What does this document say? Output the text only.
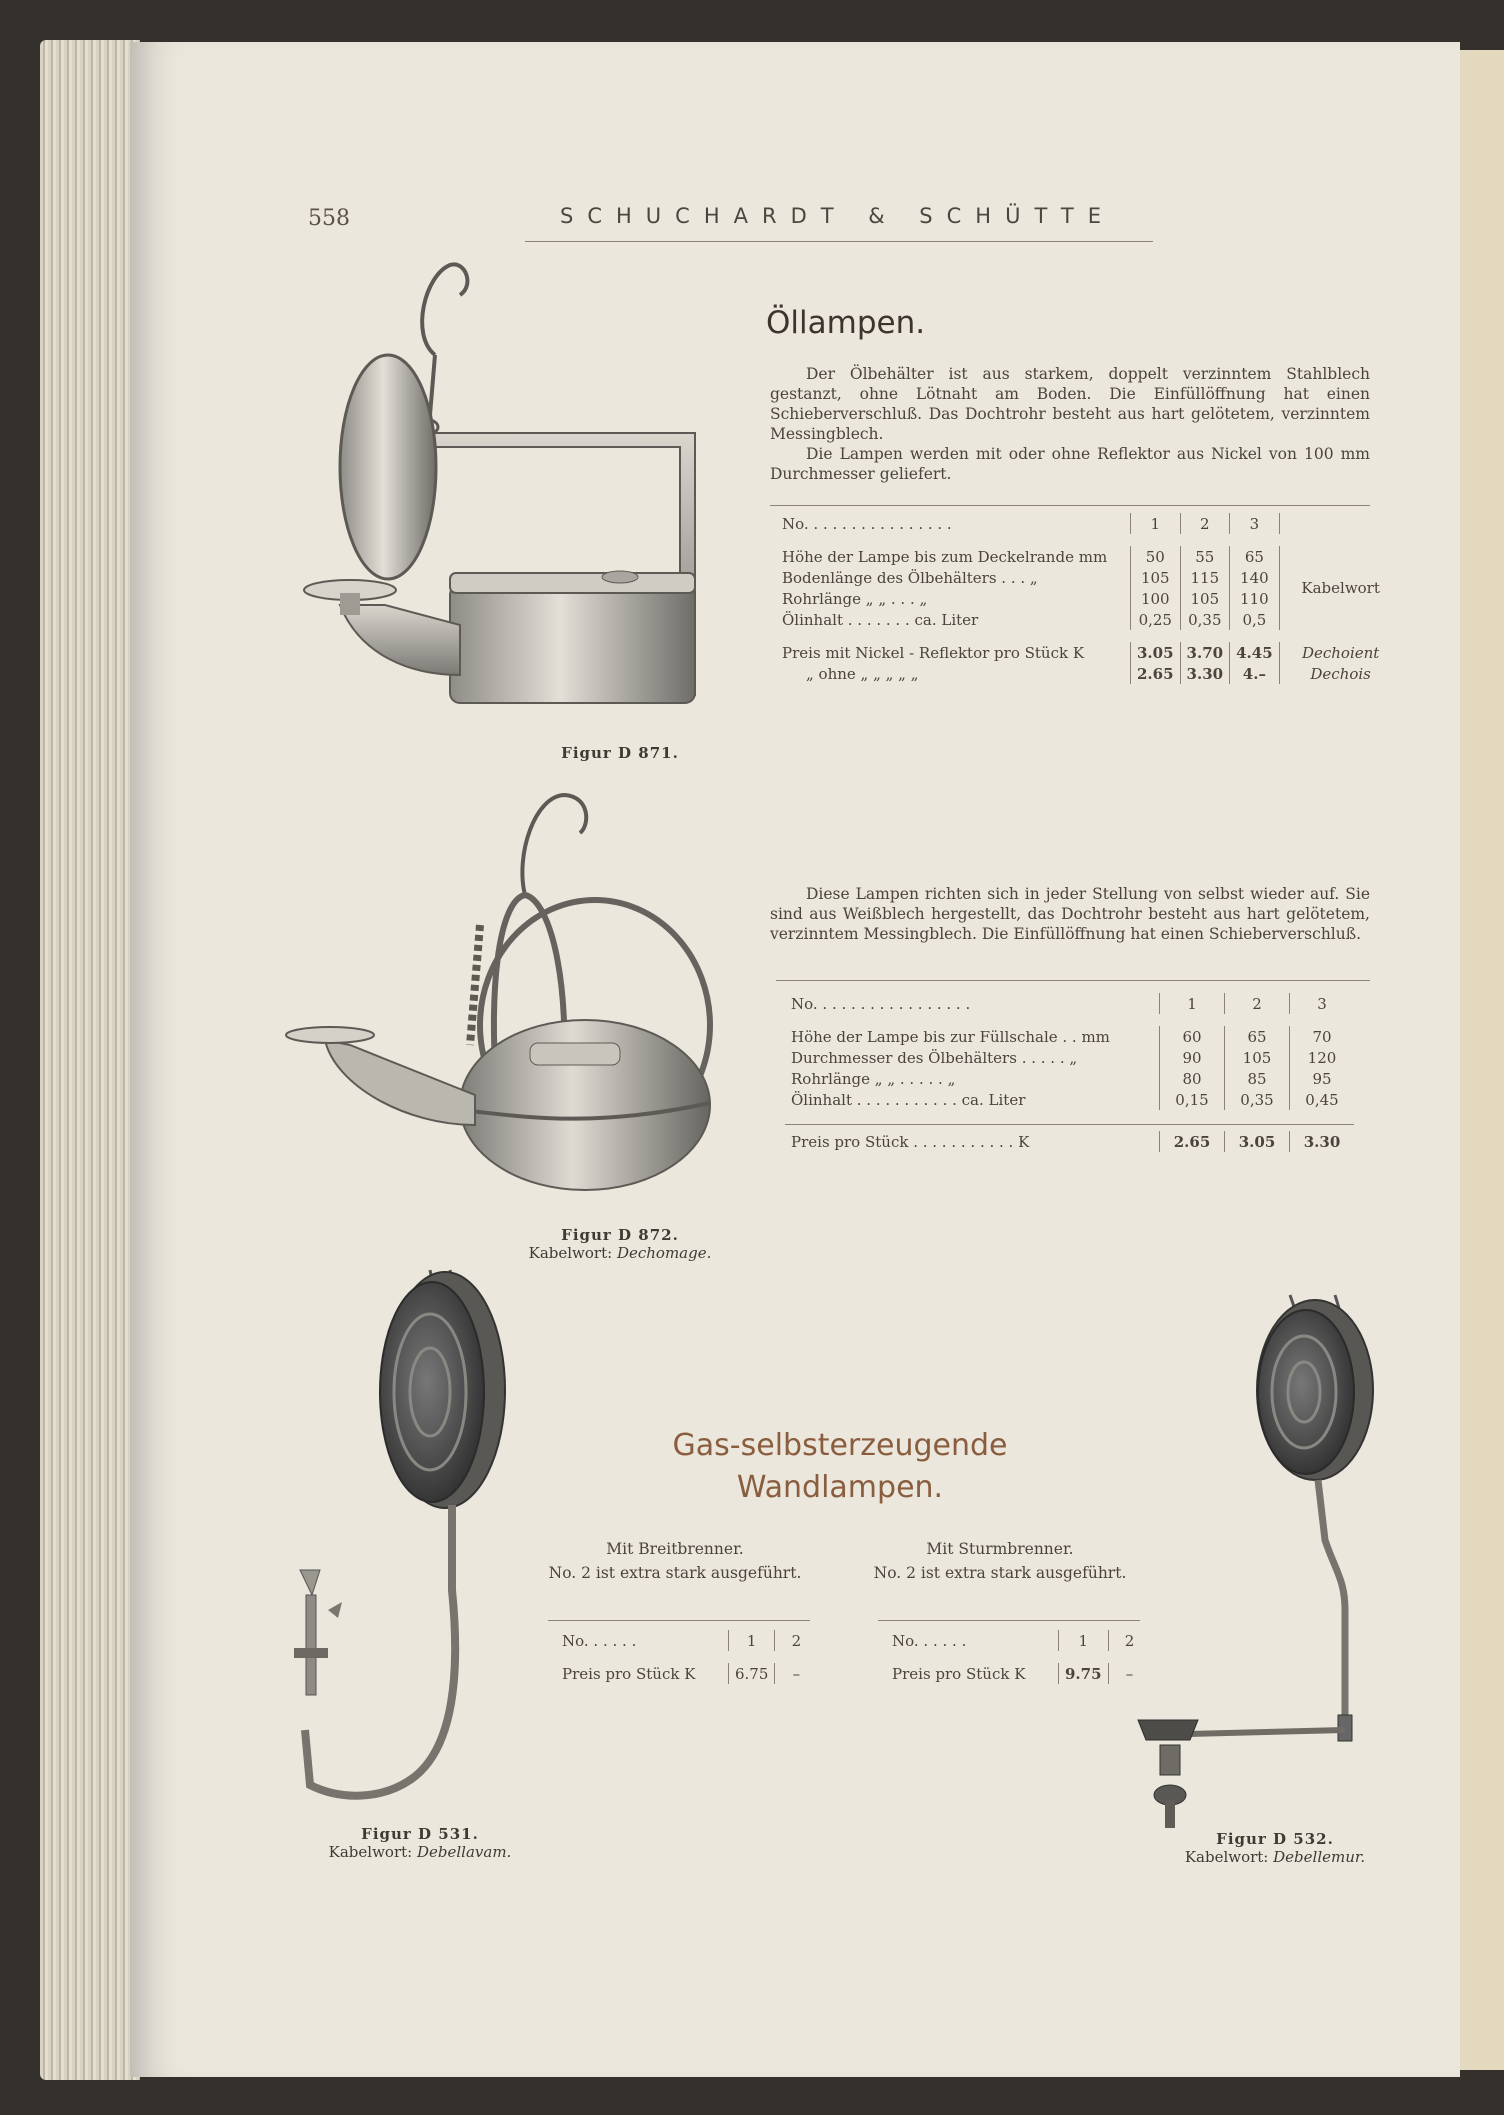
558	SCHUCHARDT & SCHÜTTE
Öllampen.
Der Ölbehälter ist aus starkem, doppelt verzinntem Stahlblech gestanzt, ohne Lötnaht am Boden. Die Einfüllöffnung hat einen Schieberverschluß. Das Dochtrohr besteht aus hart gelötetem, verzinntem Messingblech.
Die Lampen werden mit oder ohne Reflektor aus Nickel von 100 mm Durchmesser geliefert.
Figur D 871.
No. . . . . . . . . . . . . . . .	1	2	3	

Höhe der Lampe bis zum Deckelrande mm	50	55	65	Kabelwort
Bodenlänge des Ölbehälters . . . „	105	115	140	
Rohrlänge „ „ . . . „	100	105	110	
Ölinhalt . . . . . . . ca. Liter	0,25	0,35	0,5	

Preis mit Nickel - Reflektor pro Stück K	3.05	3.70	4.45	Dechoient
„ ohne „ „ „ „ „	2.65	3.30	4.–	Dechois
Figur D 872.
Kabelwort: Dechomage.
Diese Lampen richten sich in jeder Stellung von selbst wieder auf. Sie sind aus Weißblech hergestellt, das Dochtrohr besteht aus hart gelötetem, verzinntem Messingblech. Die Einfüllöffnung hat einen Schieberverschluß.
No. . . . . . . . . . . . . . . . .	1	2	3

Höhe der Lampe bis zur Füllschale . . mm	60	65	70
Durchmesser des Ölbehälters . . . . . „	90	105	120
Rohrlänge „ „ . . . . . „	80	85	95
Ölinhalt . . . . . . . . . . . ca. Liter	0,15	0,35	0,45

Preis pro Stück . . . . . . . . . . . K	2.65	3.05	3.30
Figur D 531.
Kabelwort: Debellavam.
Figur D 532.
Kabelwort: Debellemur.
Gas-selbsterzeugende
Wandlampen.
Mit Breitbrenner.
No. 2 ist extra stark ausgeführt.
Mit Sturmbrenner.
No. 2 ist extra stark ausgeführt.
No. . . . . .	1	2

Preis pro Stück K	6.75	–
No. . . . . .	1	2

Preis pro Stück K	9.75	–
